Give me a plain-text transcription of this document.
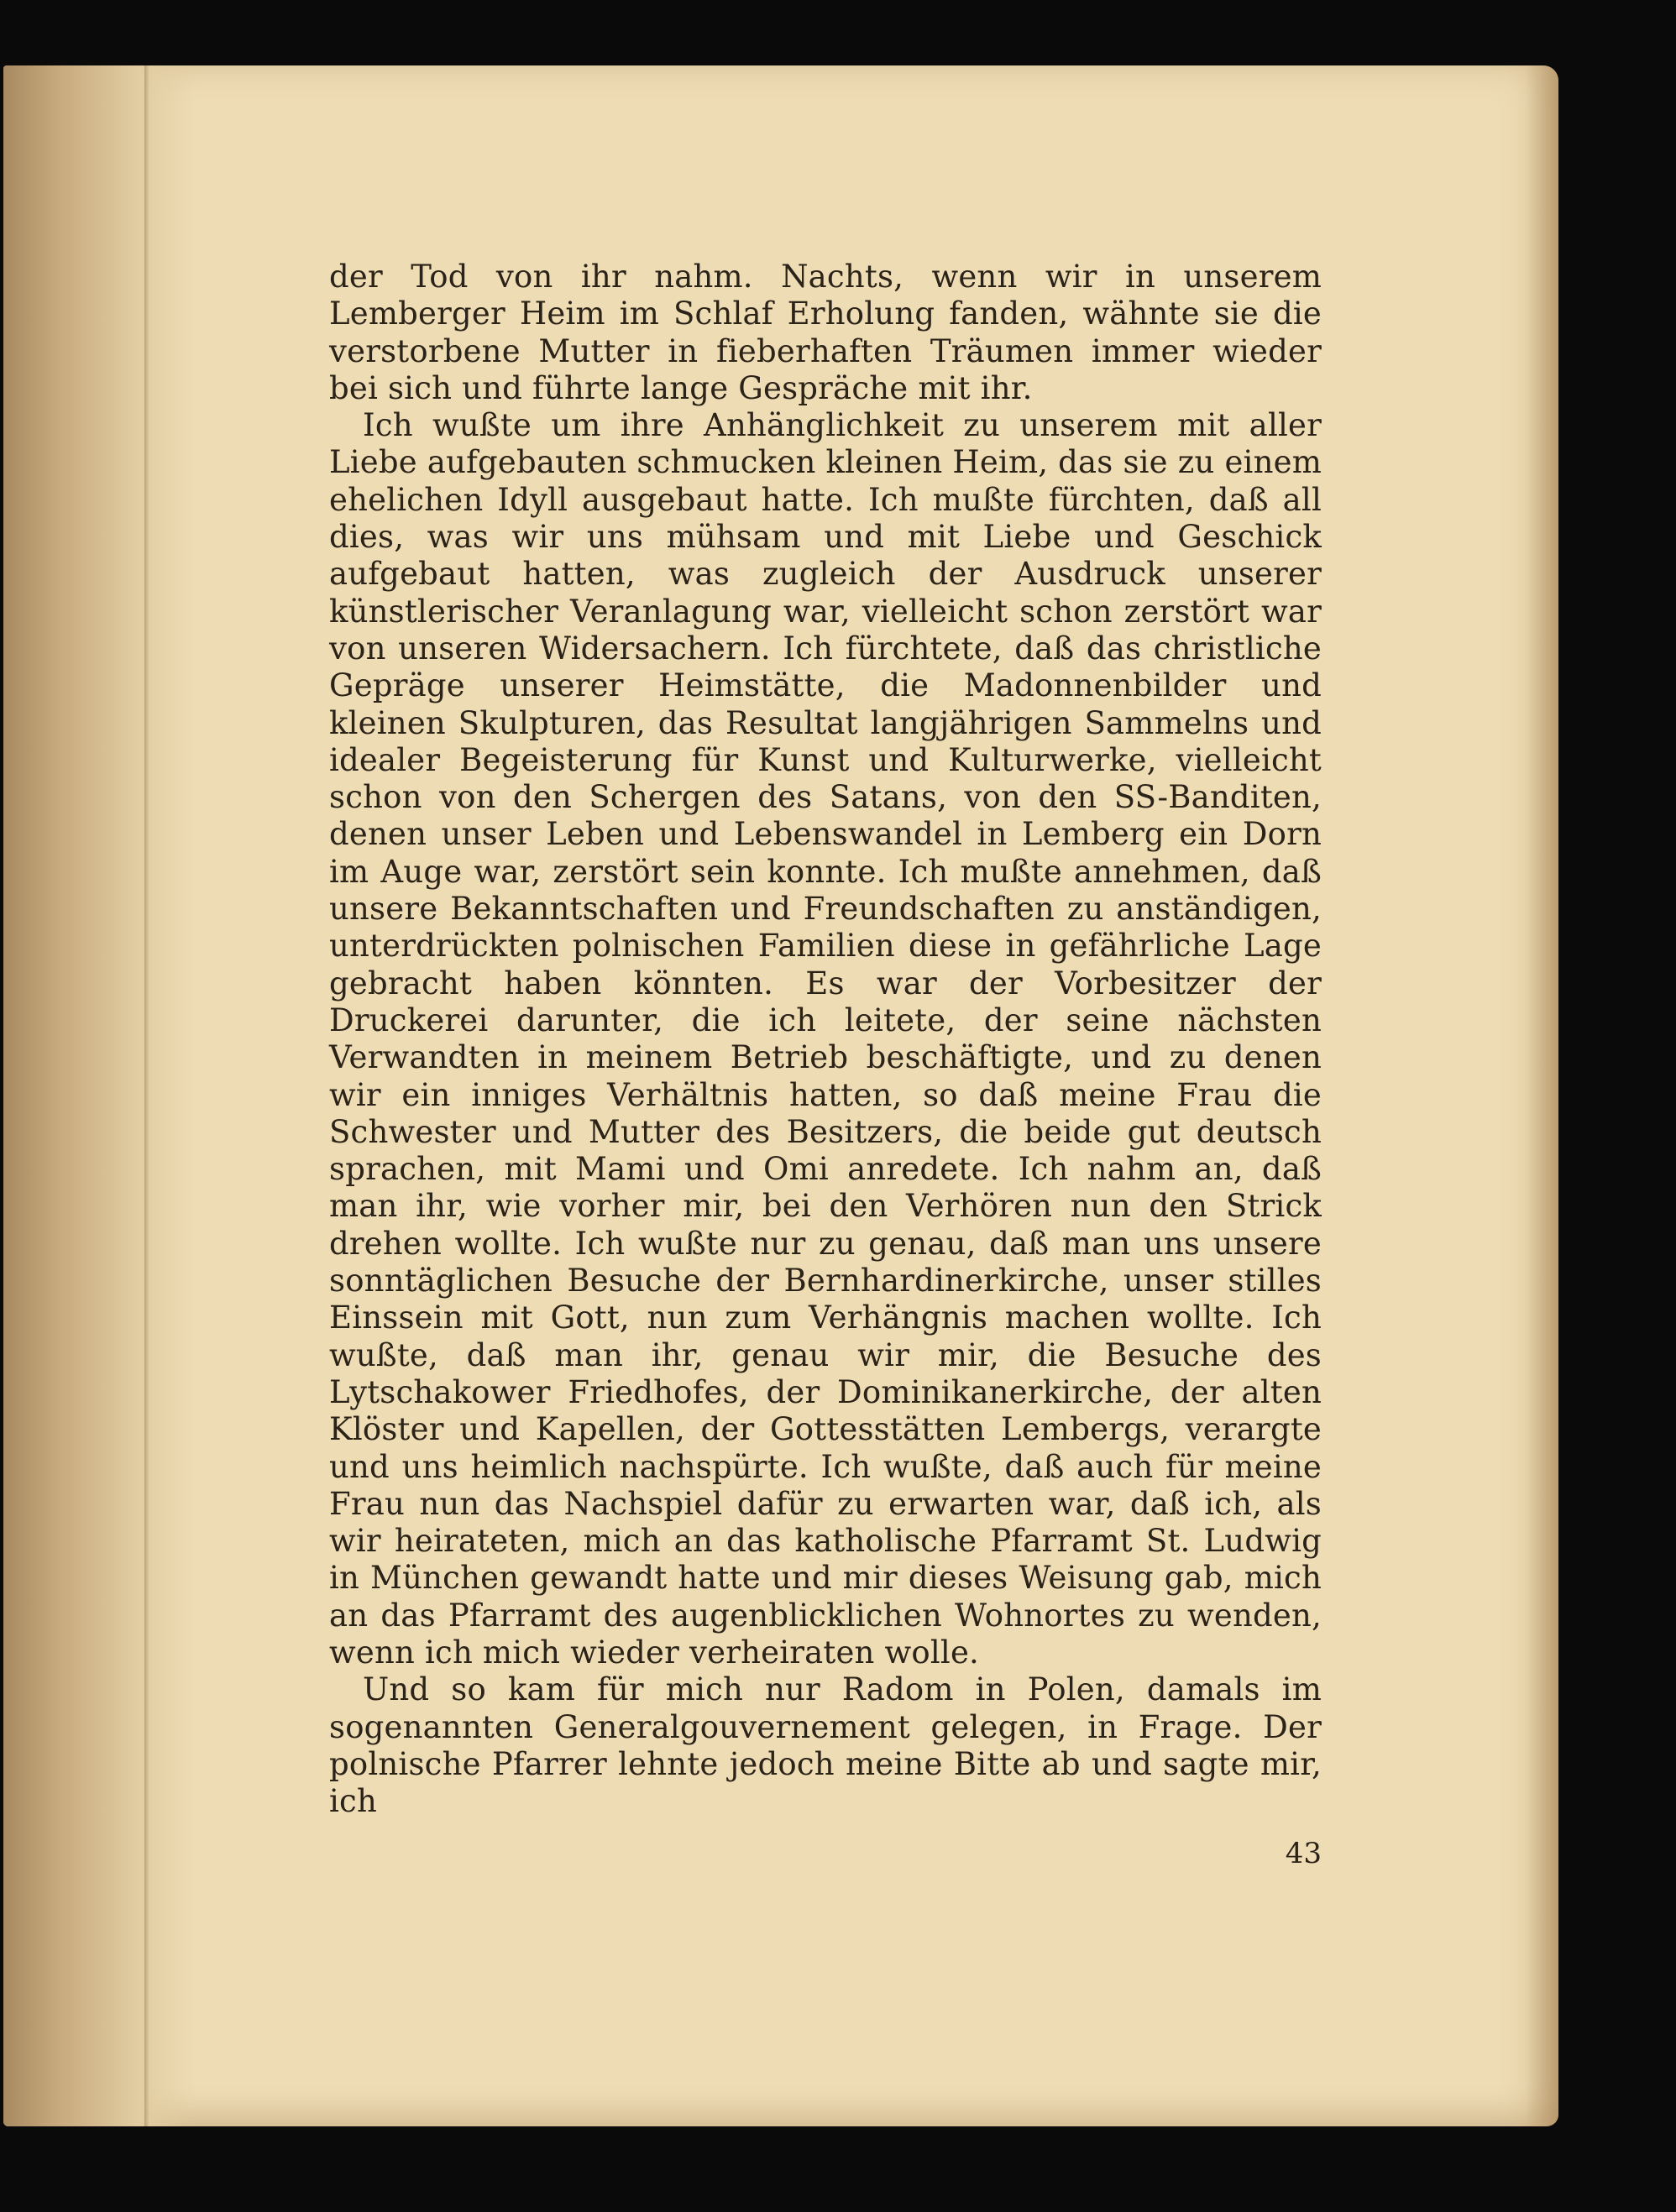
der Tod von ihr nahm. Nachts, wenn wir in unserem Lemberger Heim im Schlaf Erholung fanden, wähnte sie die verstorbene Mutter in fieberhaften Träumen immer wieder bei sich und führte lange Gespräche mit ihr.

Ich wußte um ihre Anhänglichkeit zu unserem mit aller Liebe aufgebauten schmucken kleinen Heim, das sie zu einem ehelichen Idyll ausgebaut hatte. Ich mußte fürchten, daß all dies, was wir uns mühsam und mit Liebe und Geschick aufgebaut hatten, was zugleich der Ausdruck unserer künstlerischer Veranlagung war, vielleicht schon zerstört war von unseren Widersachern. Ich fürchtete, daß das christliche Gepräge unserer Heimstätte, die Madonnenbilder und kleinen Skulpturen, das Resultat langjährigen Sammelns und idealer Begeisterung für Kunst und Kulturwerke, vielleicht schon von den Schergen des Satans, von den SS-Banditen, denen unser Leben und Lebenswandel in Lemberg ein Dorn im Auge war, zerstört sein konnte. Ich mußte annehmen, daß unsere Bekanntschaften und Freundschaften zu anständigen, unterdrückten polnischen Familien diese in gefährliche Lage gebracht haben könnten. Es war der Vorbesitzer der Druckerei darunter, die ich leitete, der seine nächsten Verwandten in meinem Betrieb beschäftigte, und zu denen wir ein inniges Verhältnis hatten, so daß meine Frau die Schwester und Mutter des Besitzers, die beide gut deutsch sprachen, mit Mami und Omi anredete. Ich nahm an, daß man ihr, wie vorher mir, bei den Verhören nun den Strick drehen wollte. Ich wußte nur zu genau, daß man uns unsere sonntäglichen Besuche der Bernhardinerkirche, unser stilles Einssein mit Gott, nun zum Verhängnis machen wollte. Ich wußte, daß man ihr, genau wir mir, die Besuche des Lytschakower Friedhofes, der Dominikanerkirche, der alten Klöster und Kapellen, der Gottesstätten Lembergs, verargte und uns heimlich nachspürte. Ich wußte, daß auch für meine Frau nun das Nachspiel dafür zu erwarten war, daß ich, als wir heirateten, mich an das katholische Pfarramt St. Ludwig in München gewandt hatte und mir dieses Weisung gab, mich an das Pfarramt des augenblicklichen Wohnortes zu wenden, wenn ich mich wieder verheiraten wolle.

Und so kam für mich nur Radom in Polen, damals im sogenannten Generalgouvernement gelegen, in Frage. Der polnische Pfarrer lehnte jedoch meine Bitte ab und sagte mir, ich

43
